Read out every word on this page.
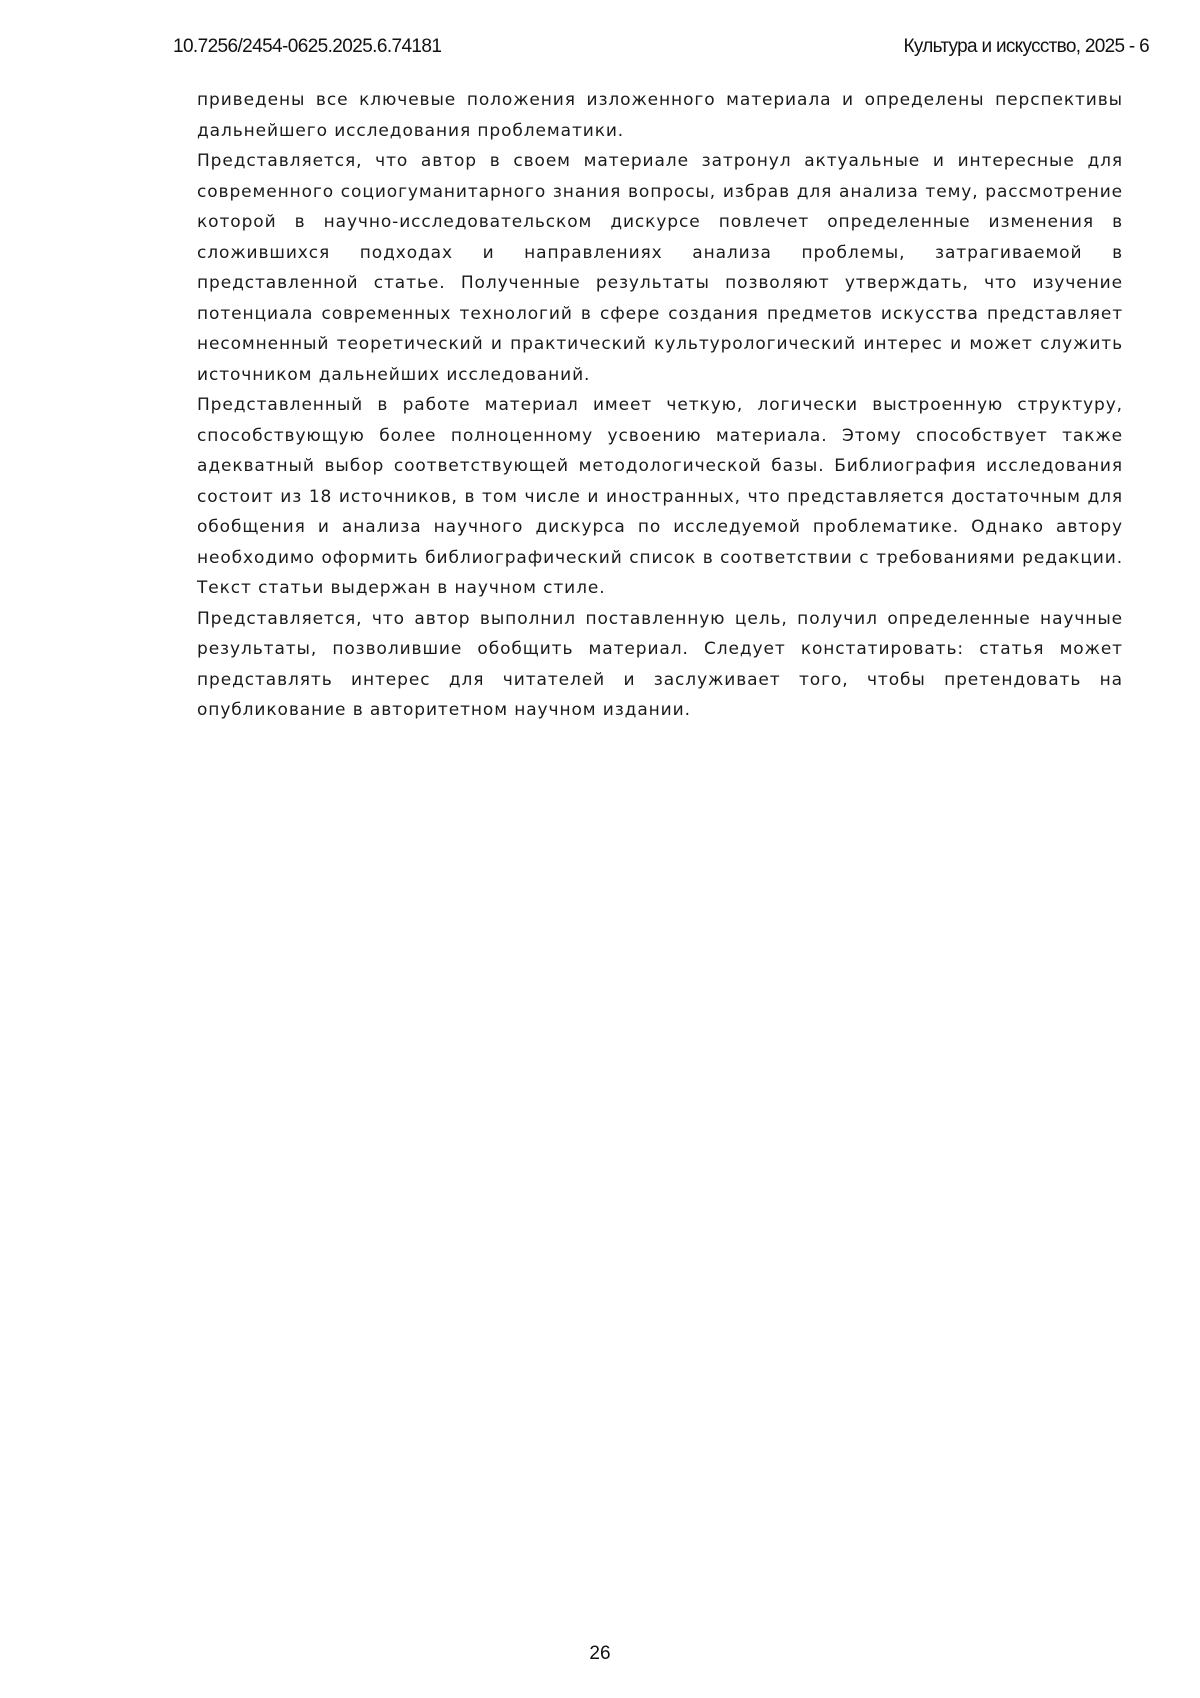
10.7256/2454-0625.2025.6.74181	Культура и искусство, 2025 - 6

приведены все ключевые положения изложенного материала и определены перспективы дальнейшего исследования проблематики.

Представляется, что автор в своем материале затронул актуальные и интересные для современного социогуманитарного знания вопросы, избрав для анализа тему, рассмотрение которой в научно-исследовательском дискурсе повлечет определенные изменения в сложившихся подходах и направлениях анализа проблемы, затрагиваемой в представленной статье. Полученные результаты позволяют утверждать, что изучение потенциала современных технологий в сфере создания предметов искусства представляет несомненный теоретический и практический культурологический интерес и может служить источником дальнейших исследований.

Представленный в работе материал имеет четкую, логически выстроенную структуру, способствующую более полноценному усвоению материала. Этому способствует также адекватный выбор соответствующей методологической базы. Библиография исследования состоит из 18 источников, в том числе и иностранных, что представляется достаточным для обобщения и анализа научного дискурса по исследуемой проблематике. Однако автору необходимо оформить библиографический список в соответствии с требованиями редакции. Текст статьи выдержан в научном стиле.

Представляется, что автор выполнил поставленную цель, получил определенные научные результаты, позволившие обобщить материал. Следует констатировать: статья может представлять интерес для читателей и заслуживает того, чтобы претендовать на опубликование в авторитетном научном издании.

26
